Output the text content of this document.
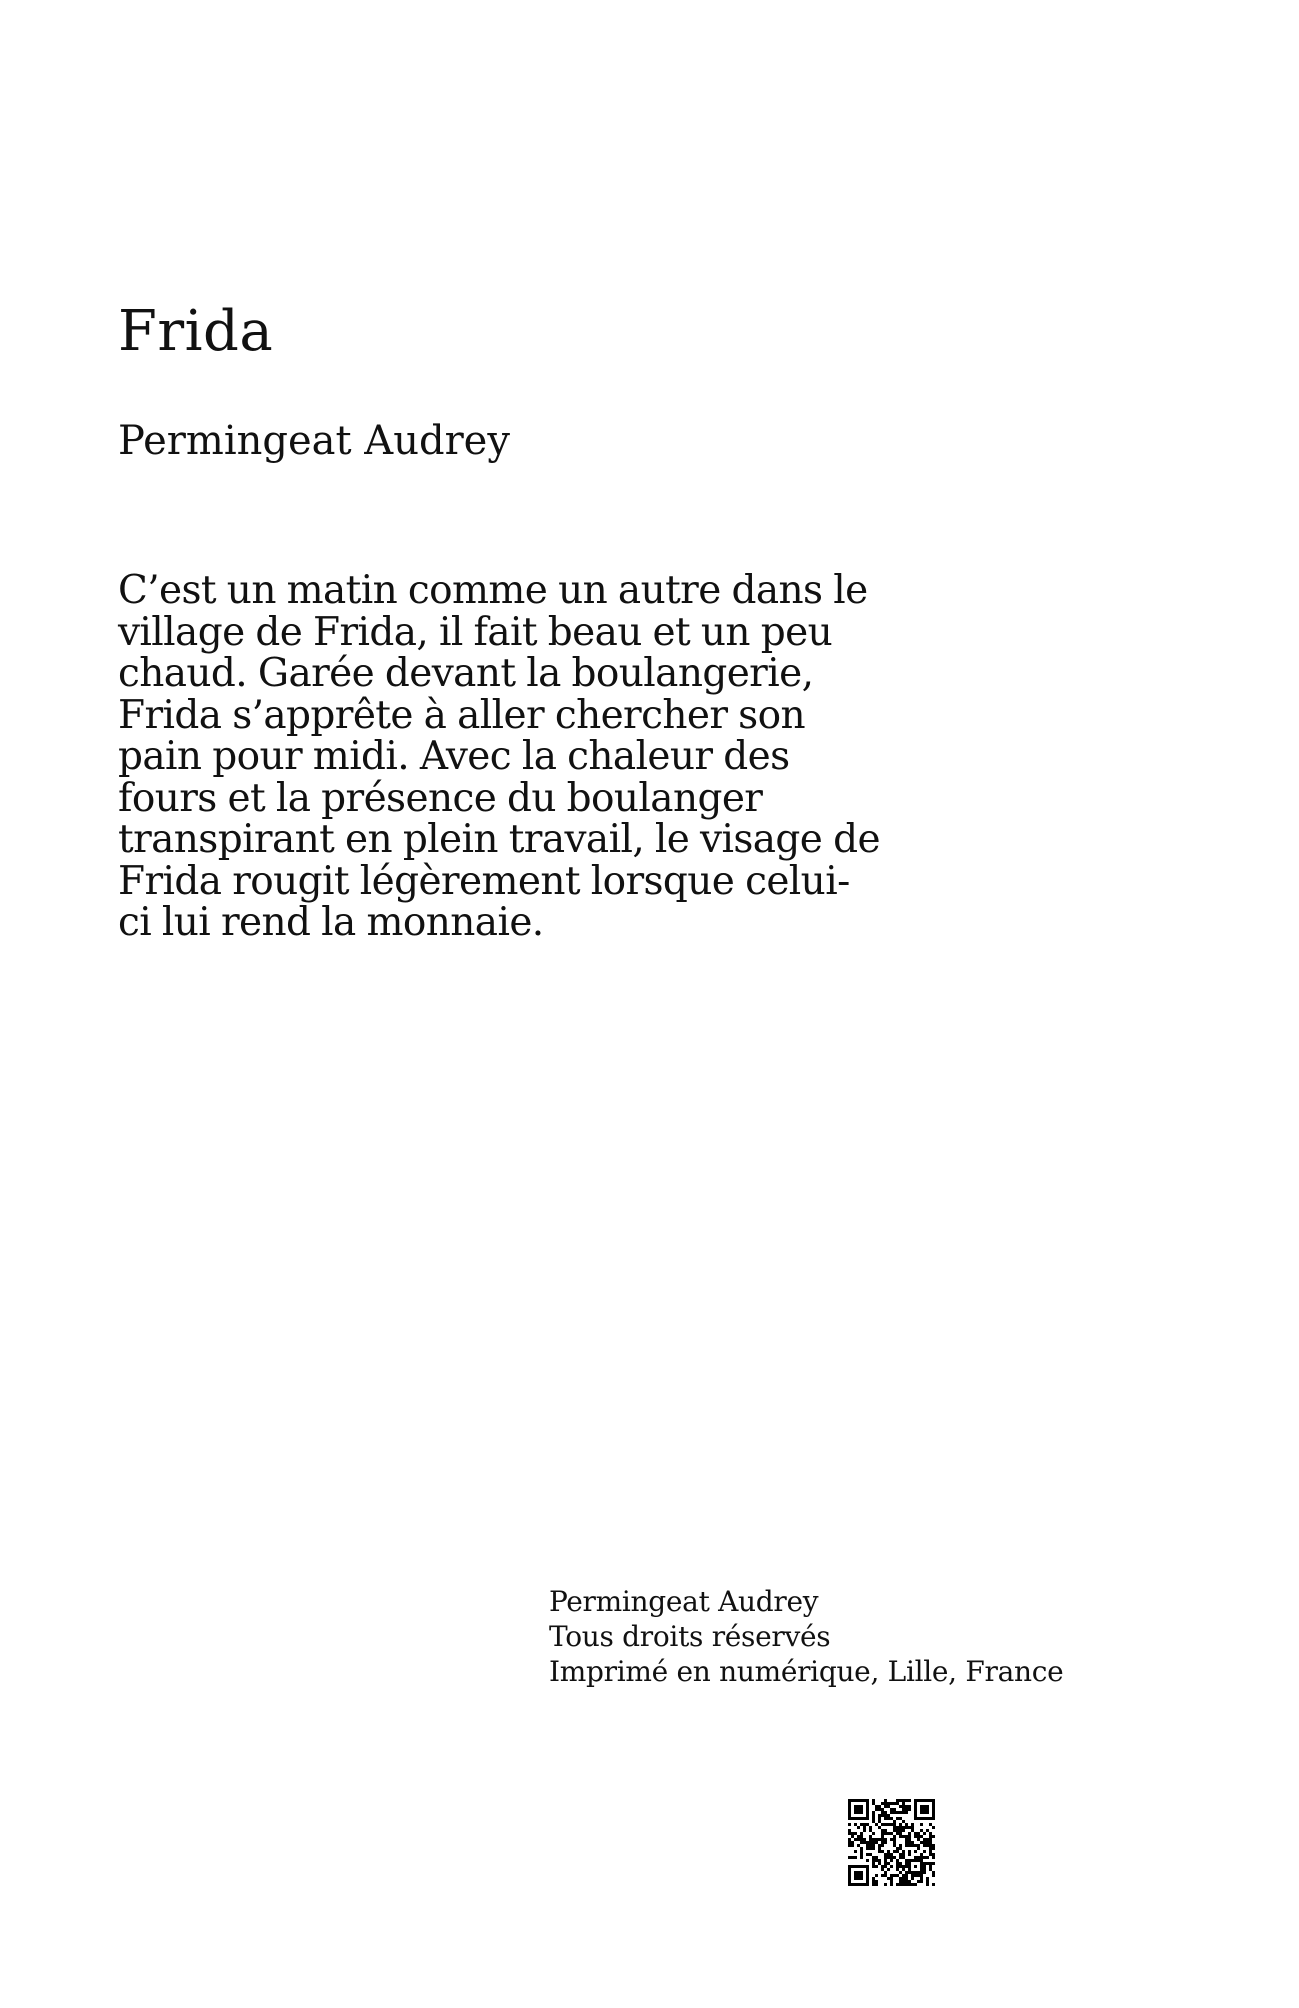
Frida
Permingeat Audrey
C’est un matin comme un autre dans le
village de Frida, il fait beau et un peu
chaud. Garée devant la boulangerie,
Frida s’apprête à aller chercher son
pain pour midi. Avec la chaleur des
fours et la présence du boulanger
transpirant en plein travail, le visage de
Frida rougit légèrement lorsque celui-
ci lui rend la monnaie.
Permingeat Audrey
Tous droits réservés
Imprimé en numérique, Lille, France
